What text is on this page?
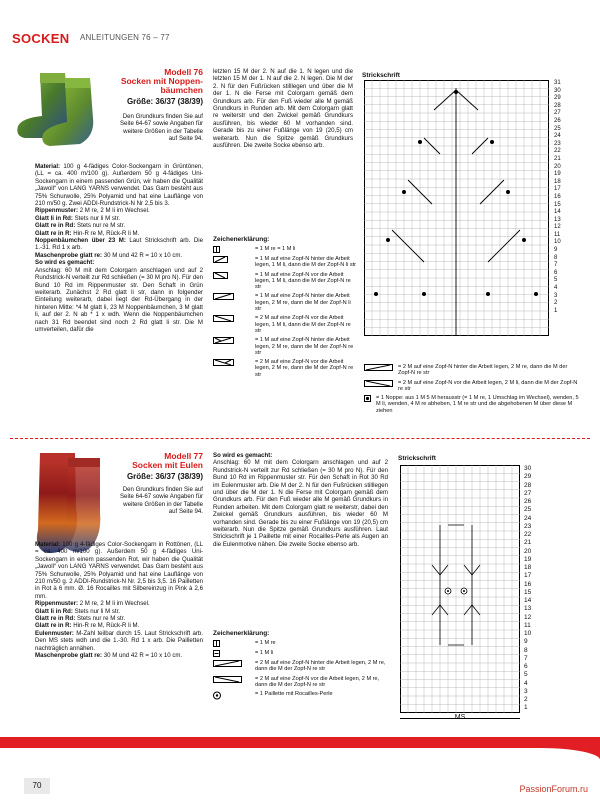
SOCKEN ANLEITUNGEN 76 – 77
Modell 76
Socken mit Noppen-
bäumchen
Größe: 36/37 (38/39)
Den Grundkurs finden Sie auf Seite 64-67 sowie Angaben für weitere Größen in der Tabelle auf Seite 94.
Material: 100 g 4-fädiges Color-Sockengarn in Grüntönen, (LL = ca. 400 m/100 g). Außerdem 50 g 4-fädiges Uni-Sockengarn in einem passenden Grün, wir haben die Qualität „Jawoll“ von LANG YARNS verwendet. Das Garn besteht aus 75% Schurwolle, 25% Polyamid und hat eine Lauflänge von 210 m/50 g. Zwei ADDI-Rundstrick-N Nr 2,5 bis 3.
Rippenmuster: 2 M re, 2 M li im Wechsel.
Glatt li in Rd: Stets nur li M str.
Glatt re in Rd: Stets nur re M str.
Glatt re in R: Hin-R re M, Rück-R li M.
Noppenbäumchen über 23 M: Laut Strickschrift arb. Die 1.-31. Rd 1 x arb.
Maschenprobe glatt re: 30 M und 42 R = 10 x 10 cm.
So wird es gemacht:
Anschlag: 60 M mit dem Colorgarn anschlagen und auf 2 Rundstrick-N verteilt zur Rd schließen (= 30 M pro N). Für den Bund 10 Rd im Rippenmuster str. Den Schaft in Grün weiterarb. Zunächst 2 Rd glatt li str, dann in folgender Einteilung weiterarb, dabei liegt der Rd-Übergang in der hinteren Mitte: *4 M glatt li, 23 M Noppenbäumchen, 3 M glatt li, auf der 2. N ab * 1 x wdh. Wenn die Noppenbäumchen nach 31 Rd beendet sind noch 2 Rd glatt li str. Die M umverteilen, dafür die
letzten 15 M der 2. N auf die 1. N legen und die letzten 15 M der 1. N auf die 2. N legen. Die M der 2. N für den Fußrücken stilllegen und über die M der 1. N die Ferse mit Colorgarn gemäß dem Grundkurs arb. Für den Fuß wieder alle M gemäß Grundkurs in Runden arb. Mit dem Colorgarn glatt re weiterstr und den Zwickel gemäß Grundkurs ausführen, bis wieder 60 M vorhanden sind. Gerade bis zu einer Fußlänge von 19 (20,5) cm weiterarb. Nun die Spitze gemäß Grundkurs ausführen. Die zweite Socke ebenso arb.
Zeichenerklärung:
= 1 M re = 1 M li
= 1 M auf eine Zopf-N hinter die Arbeit legen, 1 M li, dann die M der Zopf-N li str
= 1 M auf eine Zopf-N vor die Arbeit legen, 1 M li, dann die M der Zopf-N re str
= 1 M auf eine Zopf-N hinter die Arbeit legen, 2 M re, dann die M der Zopf-N li str
= 2 M auf eine Zopf-N vor die Arbeit legen, 1 M li, dann die M der Zopf-N re str
= 1 M auf eine Zopf-N hinter die Arbeit legen, 2 M re, dann die M der Zopf-N re str
= 2 M auf eine Zopf-N vor die Arbeit legen, 2 M re, dann die M der Zopf-N re str
Strickschrift
31
30
29
28
27
26
25
24
23
22
21
20
19
18
17
16
15
14
13
12
11
10
9
8
7
6
5
4
3
2
1
= 2 M auf eine Zopf-N hinter die Arbeit legen, 2 M re, dann die M der Zopf-N re str
= 2 M auf eine Zopf-N vor die Arbeit legen, 2 M li, dann die M der Zopf-N re str
= 1 Noppe: aus 1 M 5 M herausstr (= 1 M re, 1 Umschlag im Wechsel), wenden, 5 M li, wenden, 4 M re abheben, 1 M re str und die abgehobenen M über diese M ziehen
Modell 77
Socken mit Eulen
Größe: 36/37 (38/39)
Den Grundkurs finden Sie auf Seite 64-67 sowie Angaben für weitere Größen in der Tabelle auf Seite 94.
Material: 100 g 4-fädiges Color-Sockengarn in Rottönen, (LL = ca. 400 m/100 g). Außerdem 50 g 4-fädiges Uni-Sockengarn in einem passenden Rot, wir haben die Qualität „Jawoll“ von LANG YARNS verwendet. Das Garn besteht aus 75% Schurwolle, 25% Polyamid und hat eine Lauflänge von 210 m/50 g. 2 ADDI-Rundstrick-N Nr. 2,5 bis 3,5. 16 Pailletten in Rot à 6 mm. Ø. 16 Rocailles mit Silbereinzug in Pink à 2,6 mm.
Rippenmuster: 2 M re, 2 M li im Wechsel.
Glatt li in Rd: Stets nur li M str.
Glatt re in Rd: Stets nur re M str.
Glatt re in R: Hin-R re M, Rück-R li M.
Eulenmuster: M-Zahl teilbar durch 15. Laut Strickschrift arb. Den MS stets wdh und die 1.-30. Rd 1 x arb. Die Pailletten nachträglich annähen.
Maschenprobe glatt re: 30 M und 42 R = 10 x 10 cm.
So wird es gemacht:
Anschlag: 60 M mit dem Colorgarn anschlagen und auf 2 Rundstrick-N verteilt zur Rd schließen (= 30 M pro N). Für den Bund 10 Rd im Rippenmuster str. Für den Schaft in Rot 30 Rd im Eulenmuster arb. Die M der 2. N für den Fußrücken stilllegen und über die M der 1. N die Ferse mit Colorgarn gemäß dem Grundkurs arb. Für den Fuß wieder alle M gemäß Grundkurs in Runden arbeiten. Mit dem Colorgarn glatt re weiterstr, dabei den Zwickel gemäß Grundkurs ausführen, bis wieder 60 M vorhanden sind. Gerade bis zu einer Fußlänge von 19 (20,5) cm weiterarb. Nun die Spitze gemäß Grundkurs ausführen. Laut Strickschrift je 1 Paillette mit einer Rocailles-Perle als Augen an die Eulenmotive nähen. Die zweite Socke ebenso arb.
Zeichenerklärung:
= 1 M re
= 1 M li
= 2 M auf eine Zopf-N hinter die Arbeit legen, 2 M re, dann die M der Zopf-N re str
= 2 M auf eine Zopf-N vor die Arbeit legen, 2 M re, dann die M der Zopf-N re str
= 1 Paillette mit Rocailles-Perle
Strickschrift
MS
30
29
28
27
26
25
24
23
22
21
20
19
18
17
16
15
14
13
12
11
10
9
8
7
6
5
4
3
2
1
70	PassionForum.ru
